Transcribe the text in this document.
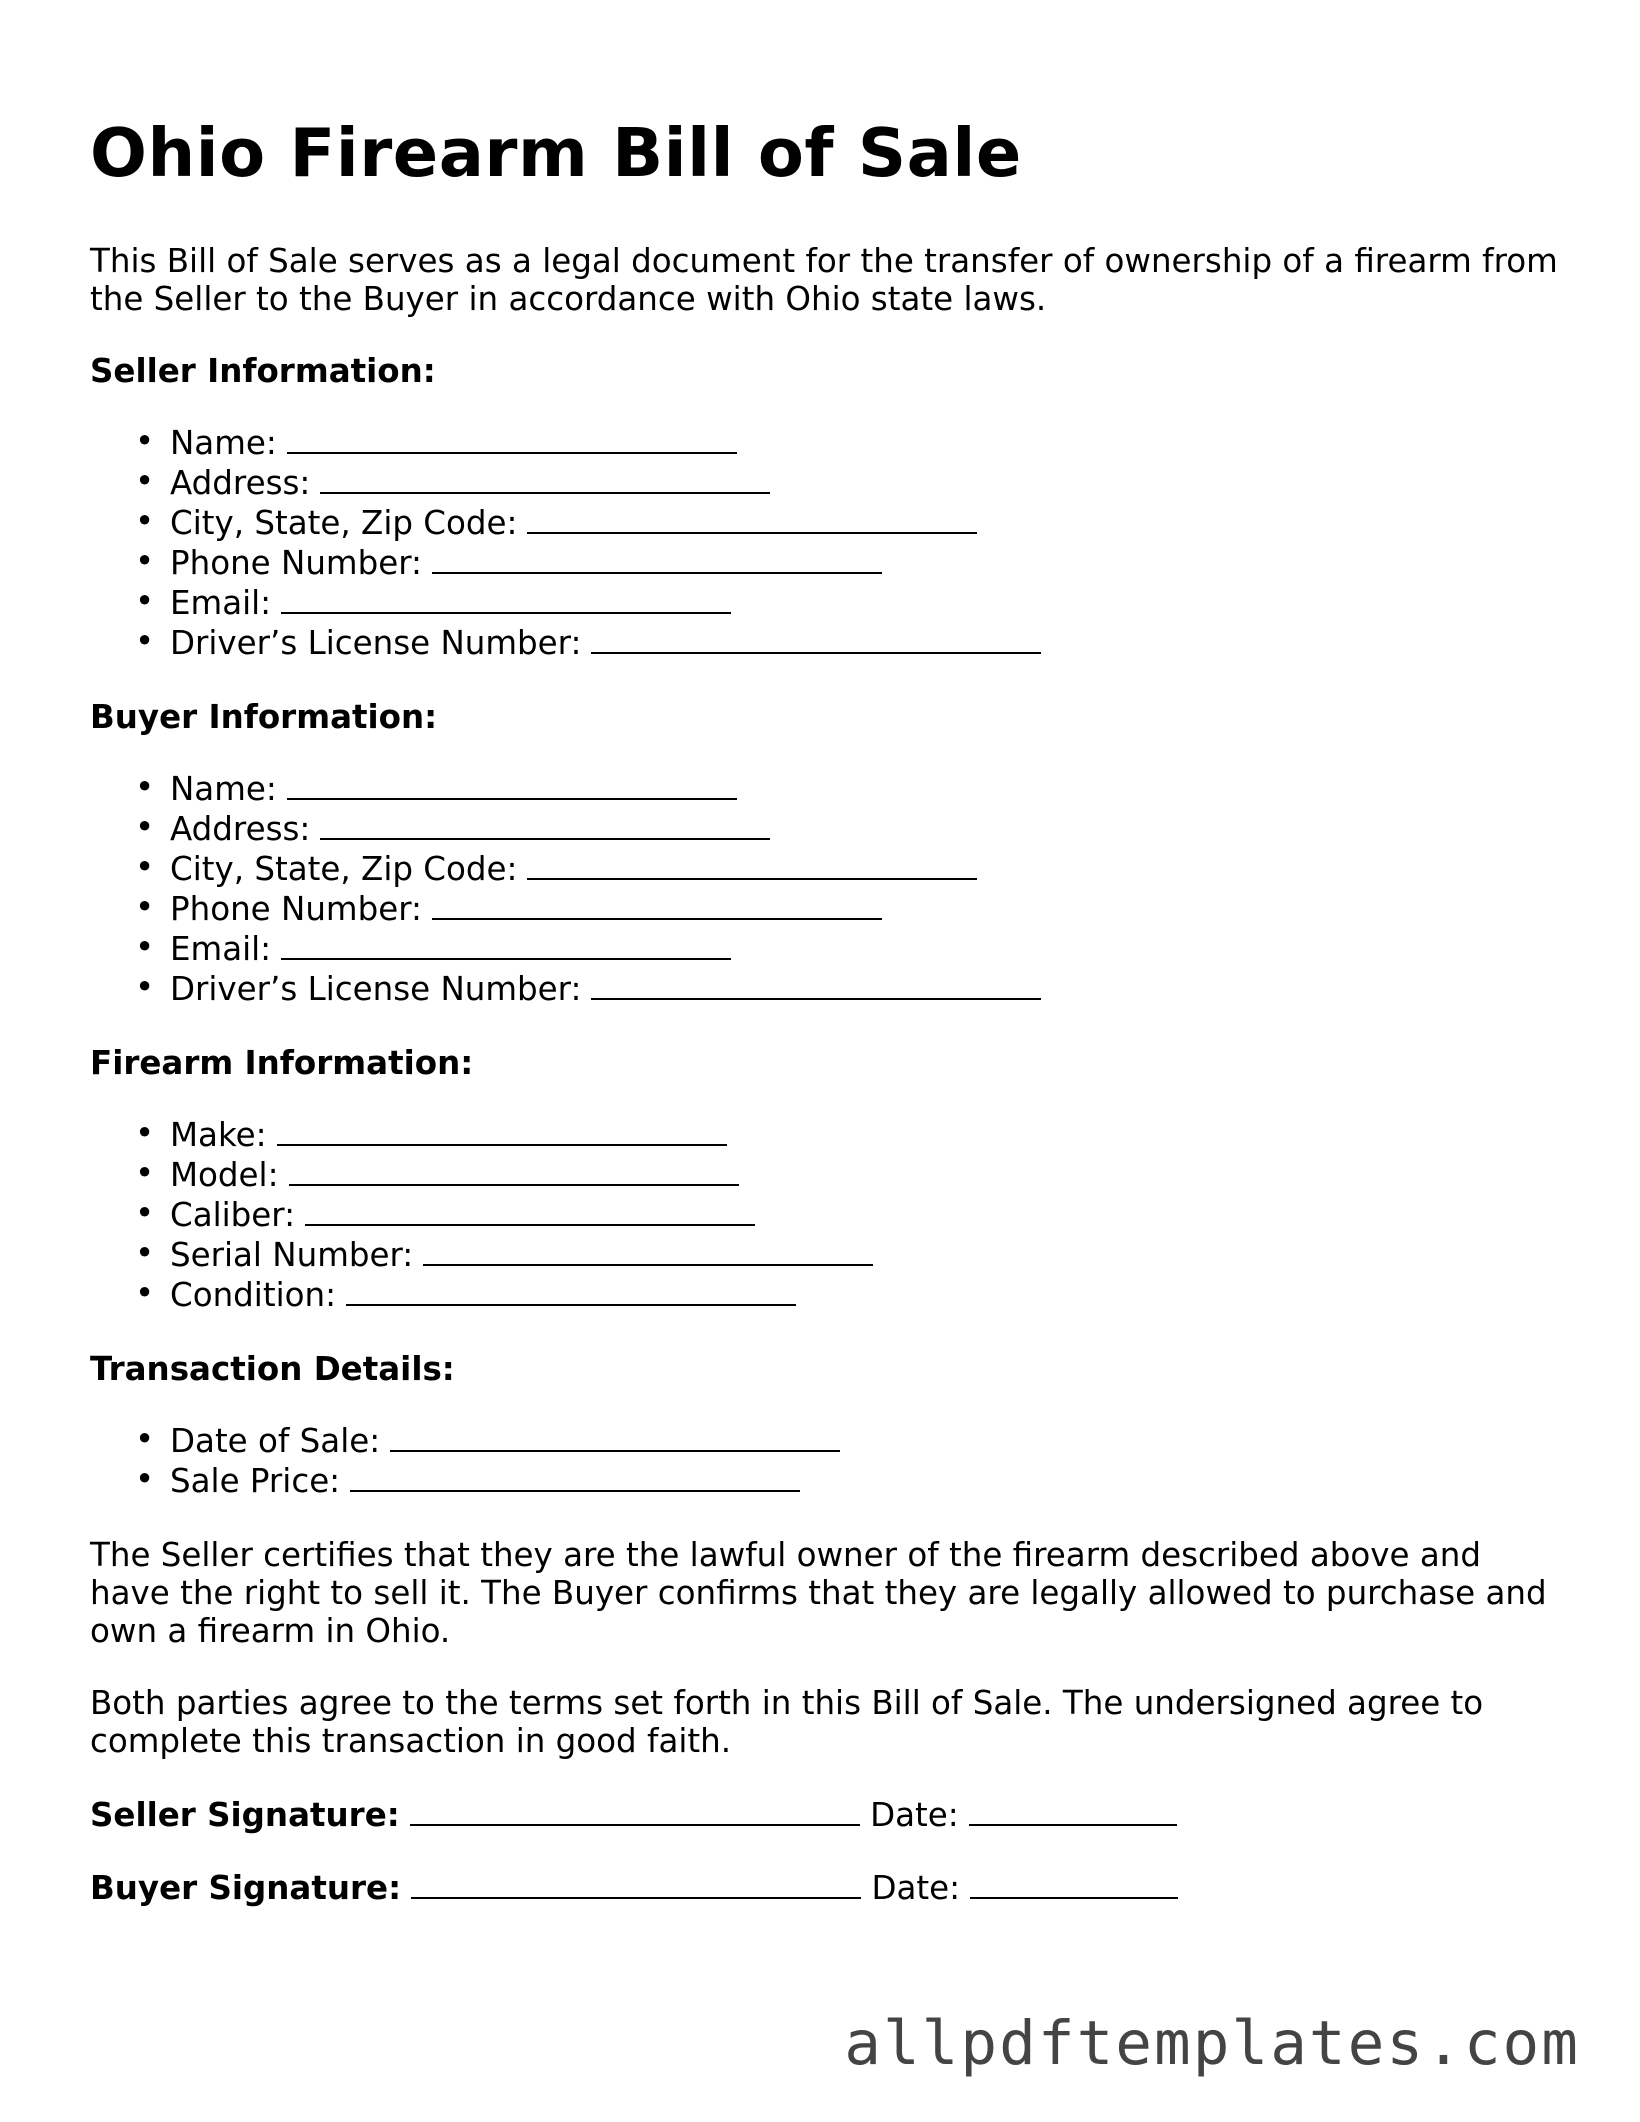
Ohio Firearm Bill of Sale

This Bill of Sale serves as a legal document for the transfer of ownership of a firearm from the Seller to the Buyer in accordance with Ohio state laws.

Seller Information:
• Name:
• Address:
• City, State, Zip Code:
• Phone Number:
• Email:
• Driver’s License Number:
Buyer Information:
• Name:
• Address:
• City, State, Zip Code:
• Phone Number:
• Email:
• Driver’s License Number:
Firearm Information:
• Make:
• Model:
• Caliber:
• Serial Number:
• Condition:
Transaction Details:
• Date of Sale:
• Sale Price:

The Seller certifies that they are the lawful owner of the firearm described above and have the right to sell it. The Buyer confirms that they are legally allowed to purchase and own a firearm in Ohio.

Both parties agree to the terms set forth in this Bill of Sale. The undersigned agree to complete this transaction in good faith.

Seller Signature:	Date:
Buyer Signature:	Date:
allpdftemplates.com
